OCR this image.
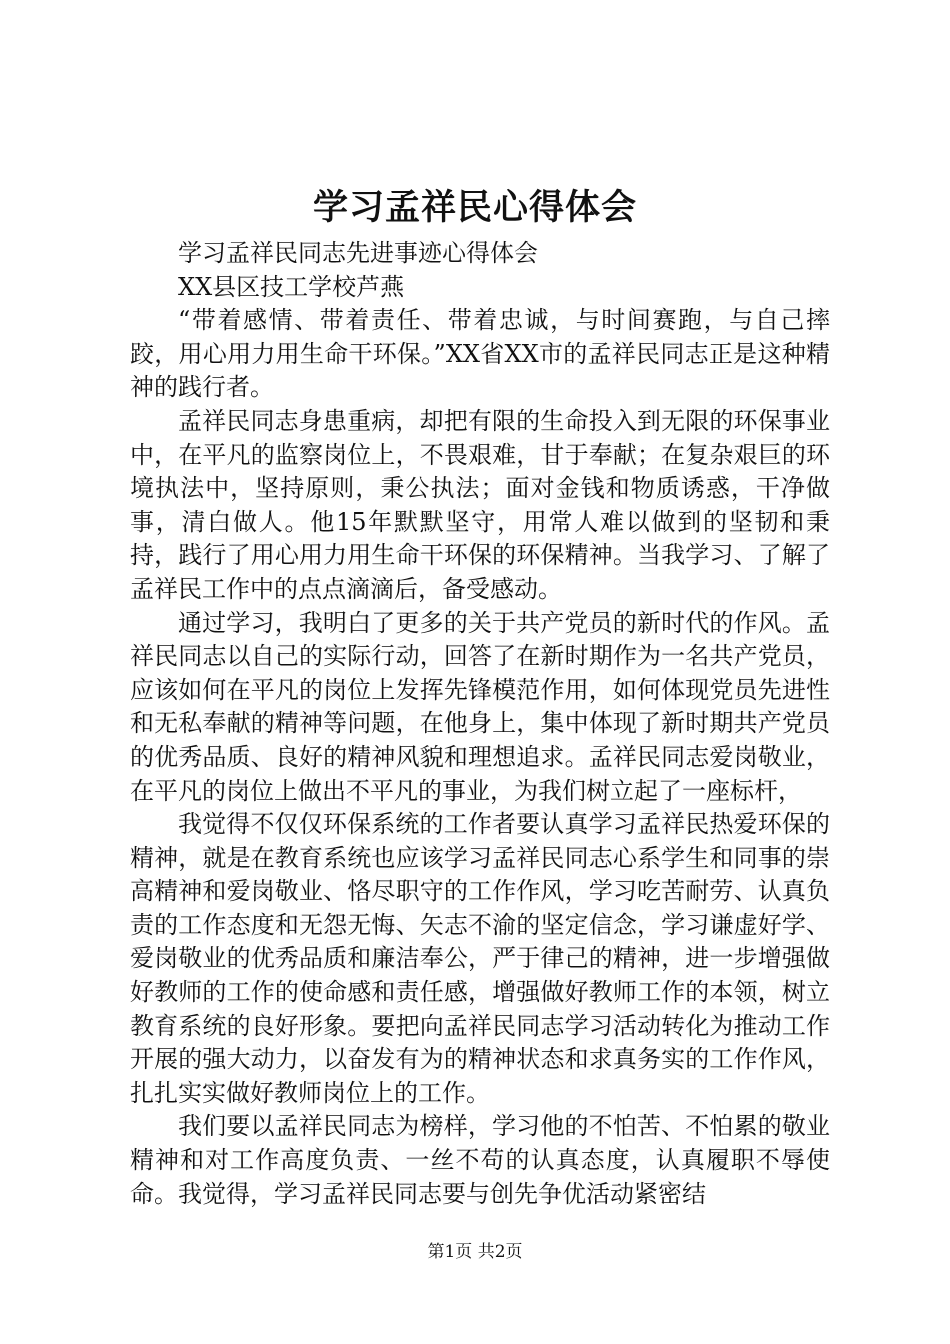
学习孟祥民心得体会

学习孟祥民同志先进事迹心得体会

XX县区技工学校芦燕

“带着感情、带着责任、带着忠诚，与时间赛跑，与自己摔跤，用心用力用生命干环保。”XX省XX市的孟祥民同志正是这种精神的践行者。

孟祥民同志身患重病，却把有限的生命投入到无限的环保事业中，在平凡的监察岗位上，不畏艰难，甘于奉献；在复杂艰巨的环境执法中，坚持原则，秉公执法；面对金钱和物质诱惑，干净做事，清白做人。他15年默默坚守，用常人难以做到的坚韧和秉持，践行了用心用力用生命干环保的环保精神。当我学习、了解了孟祥民工作中的点点滴滴后，备受感动。

通过学习，我明白了更多的关于共产党员的新时代的作风。孟祥民同志以自己的实际行动，回答了在新时期作为一名共产党员，应该如何在平凡的岗位上发挥先锋模范作用，如何体现党员先进性和无私奉献的精神等问题，在他身上，集中体现了新时期共产党员的优秀品质、良好的精神风貌和理想追求。孟祥民同志爱岗敬业，在平凡的岗位上做出不平凡的事业，为我们树立起了一座标杆，

我觉得不仅仅环保系统的工作者要认真学习孟祥民热爱环保的精神，就是在教育系统也应该学习孟祥民同志心系学生和同事的崇高精神和爱岗敬业、恪尽职守的工作作风，学习吃苦耐劳、认真负责的工作态度和无怨无悔、矢志不渝的坚定信念，学习谦虚好学、爱岗敬业的优秀品质和廉洁奉公，严于律己的精神，进一步增强做好教师的工作的使命感和责任感，增强做好教师工作的本领，树立教育系统的良好形象。要把向孟祥民同志学习活动转化为推动工作开展的强大动力，以奋发有为的精神状态和求真务实的工作作风，扎扎实实做好教师岗位上的工作。

我们要以孟祥民同志为榜样，学习他的不怕苦、不怕累的敬业精神和对工作高度负责、一丝不苟的认真态度，认真履职不辱使命。我觉得，学习孟祥民同志要与创先争优活动紧密结

第1页 共2页
